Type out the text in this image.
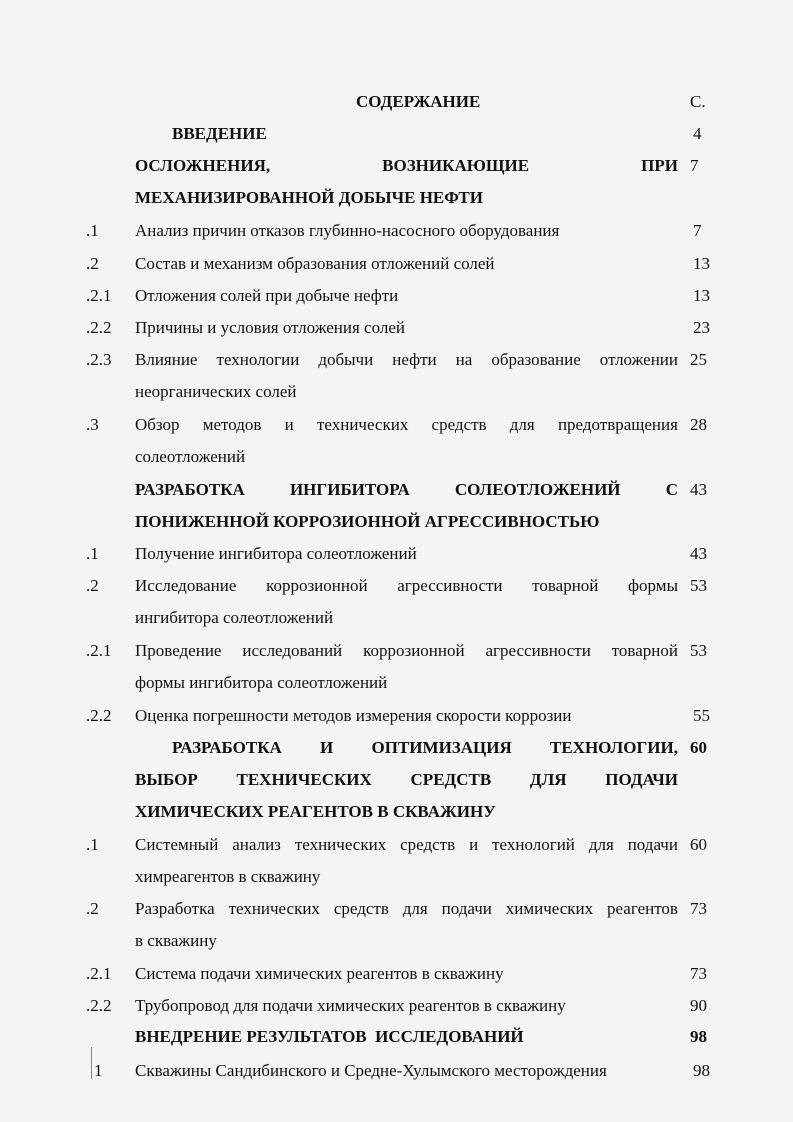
СОДЕРЖАНИЕ	С.
ВВЕДЕНИЕ	4
ОСЛОЖНЕНИЯ,	ВОЗНИКАЮЩИЕ	ПРИ 7
МЕХАНИЗИРОВАННОЙ ДОБЫЧЕ НЕФТИ
.1 Анализ причин отказов глубинно-насосного оборудования	7
.2 Состав и механизм образования отложений солей	13
.2.1 Отложения солей при добыче нефти	13
.2.2 Причины и условия отложения солей	23
.2.3 Влияние технологии добычи нефти на образование отложении 25
неорганических солей
.3 Обзор методов и технических средств для предотвращения 28
солеотложений
РАЗРАБОТКА	ИНГИБИТОРА	СОЛЕОТЛОЖЕНИЙ	С 43
ПОНИЖЕННОЙ КОРРОЗИОННОЙ АГРЕССИВНОСТЬЮ
.1 Получение ингибитора солеотложений	43
.2 Исследование коррозионной агрессивности товарной формы 53
ингибитора солеотложений
.2.1 Проведение исследований коррозионной агрессивности товарной 53
формы ингибитора солеотложений
.2.2 Оценка погрешности методов измерения скорости коррозии	55
РАЗРАБОТКА И ОПТИМИЗАЦИЯ ТЕХНОЛОГИИ, 60
ВЫБОР ТЕХНИЧЕСКИХ СРЕДСТВ ДЛЯ ПОДАЧИ
ХИМИЧЕСКИХ РЕАГЕНТОВ В СКВАЖИНУ
.1 Системный анализ технических средств и технологий для подачи 60
химреагентов в скважину
.2 Разработка технических средств для подачи химических реагентов 73
в скважину
.2.1 Система подачи химических реагентов в скважину	73
.2.2 Трубопровод для подачи химических реагентов в скважину	90
ВНЕДРЕНИЕ РЕЗУЛЬТАТОВ  ИССЛЕДОВАНИЙ	98
1 Скважины Сандибинского и Средне-Хулымского месторождения	98
